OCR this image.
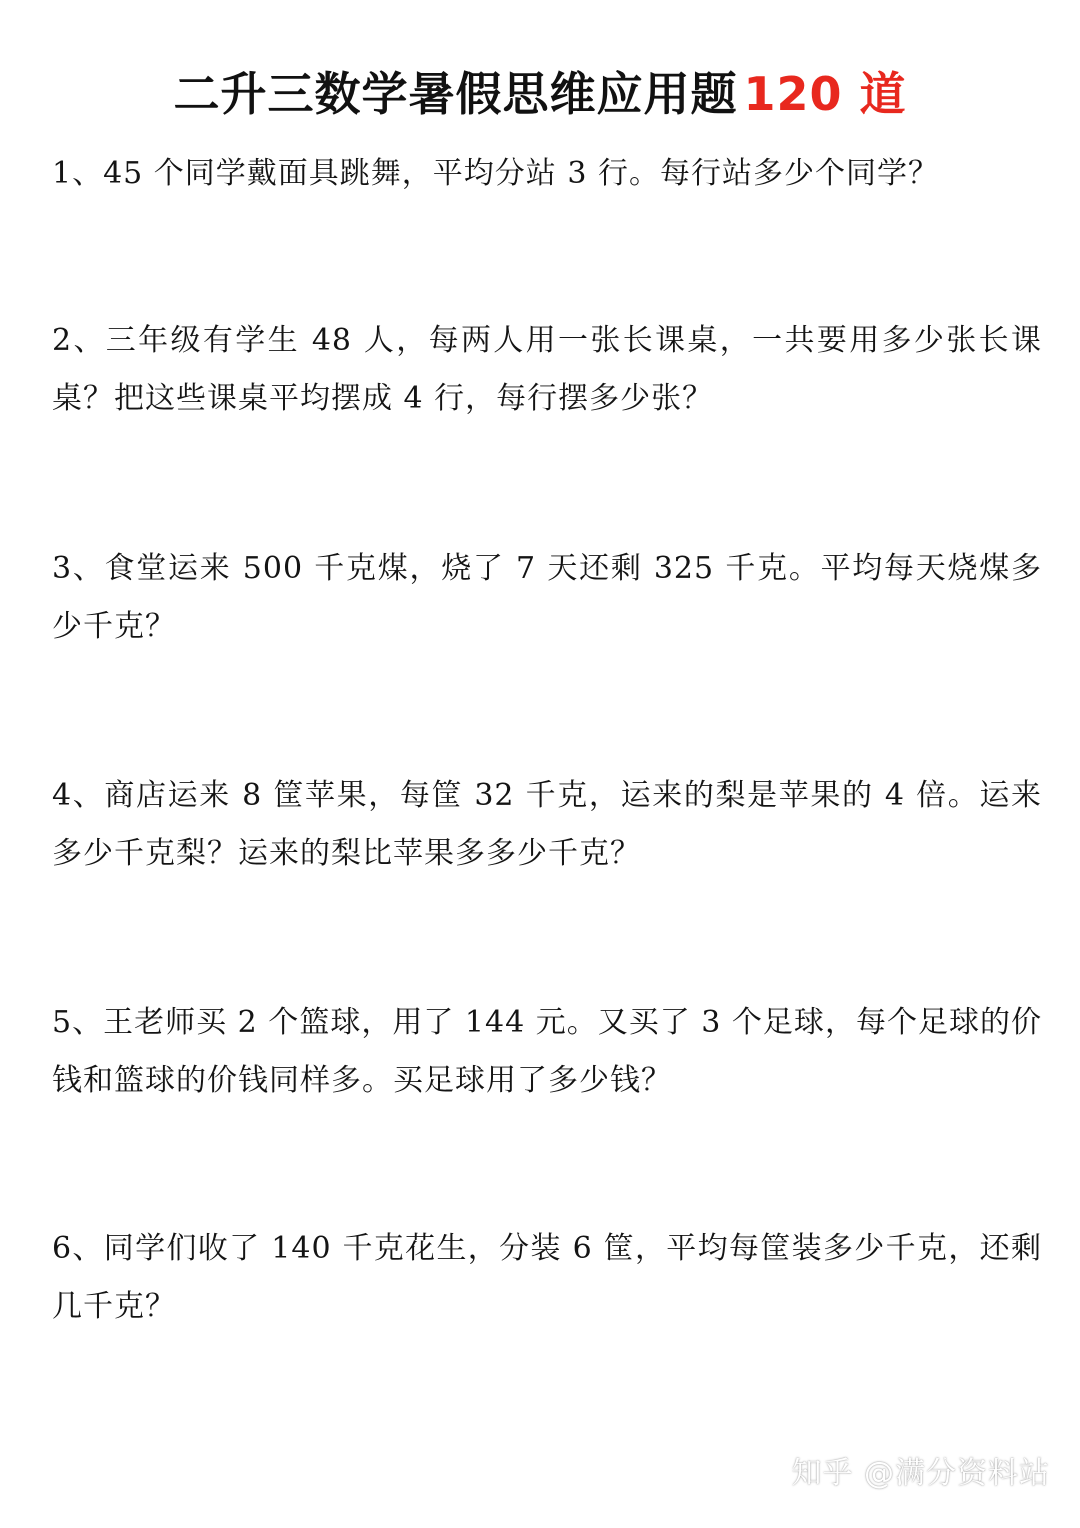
二升三数学暑假思维应用题 120 道
1、45 个同学戴面具跳舞，平均分站 3 行。每行站多少个同学？
2、三年级有学生 48 人，每两人用一张长课桌，一共要用多少张长课桌？把这些课桌平均摆成 4 行，每行摆多少张？
3、食堂运来 500 千克煤，烧了 7 天还剩 325 千克。平均每天烧煤多少千克？
4、商店运来 8 筐苹果，每筐 32 千克，运来的梨是苹果的 4 倍。运来多少千克梨？运来的梨比苹果多多少千克？
5、王老师买 2 个篮球，用了 144 元。又买了 3 个足球，每个足球的价钱和篮球的价钱同样多。买足球用了多少钱？
6、同学们收了 140 千克花生，分装 6 筐，平均每筐装多少千克，还剩几千克？
知乎 @满分资料站
